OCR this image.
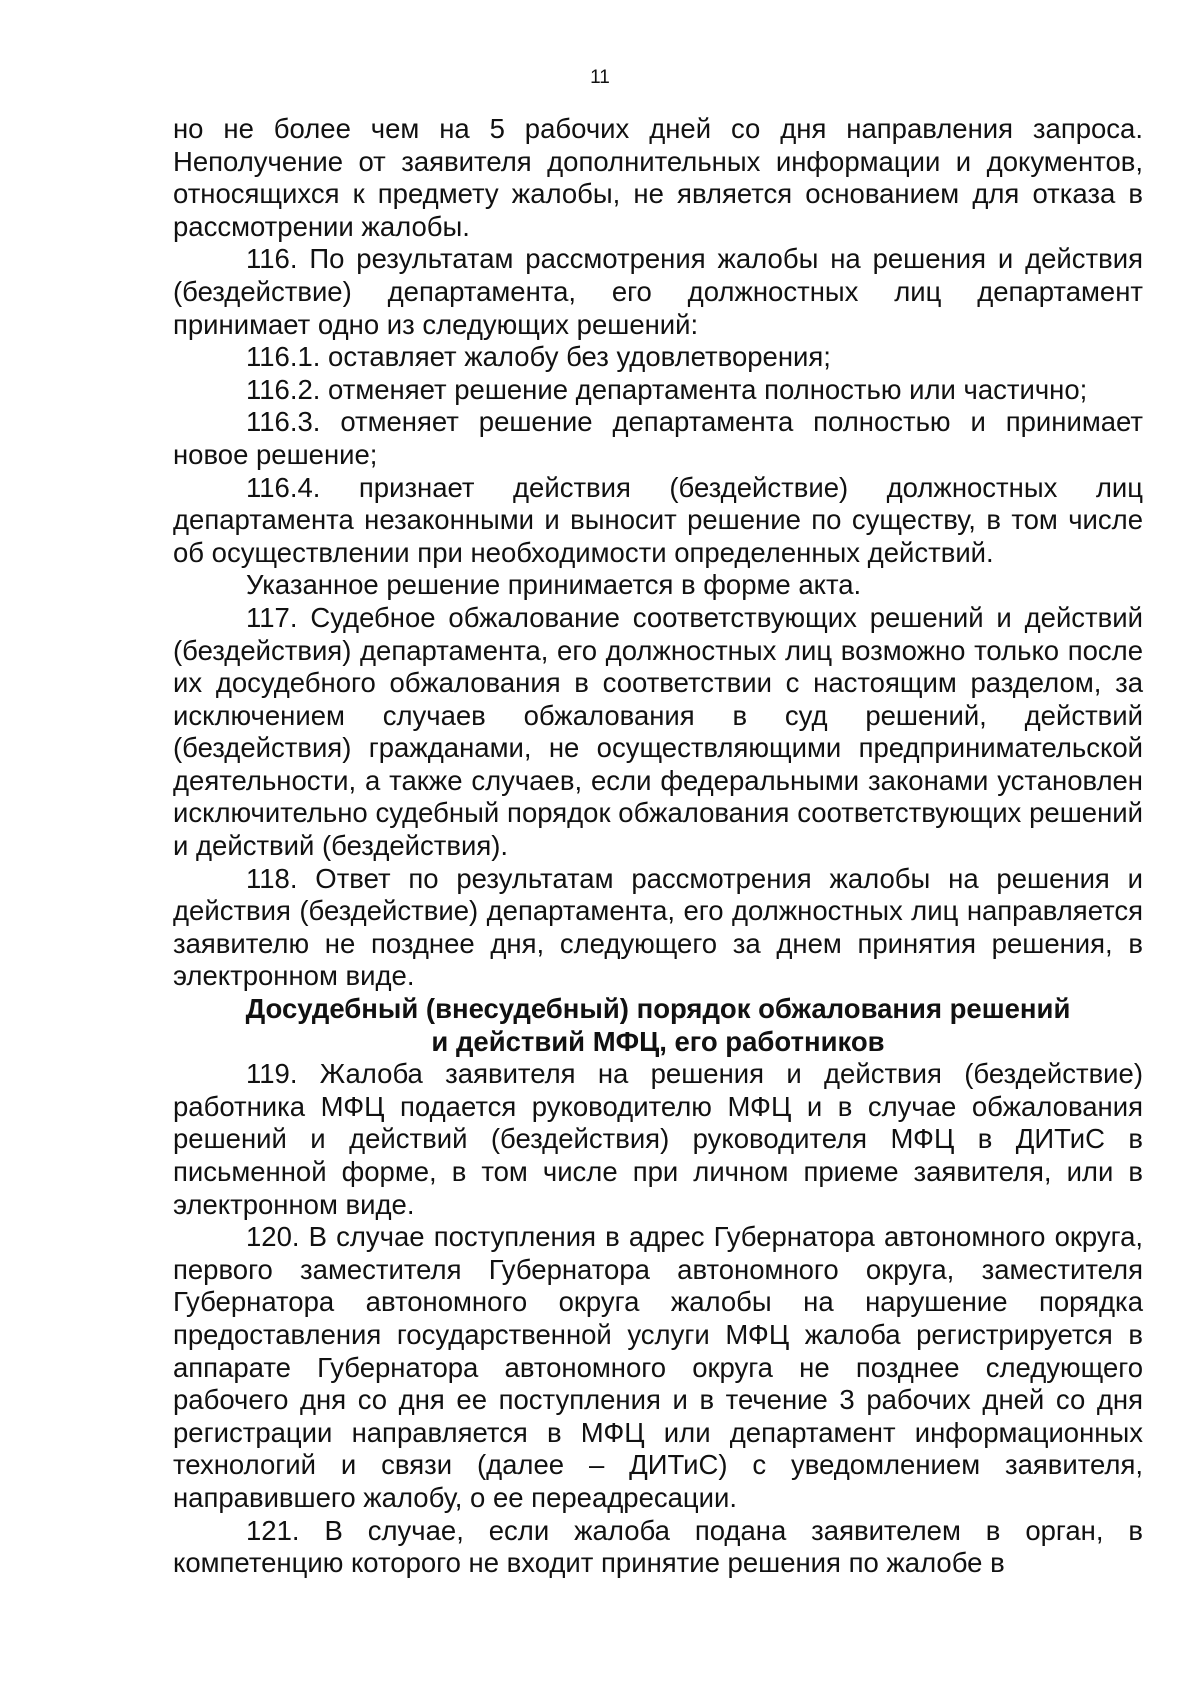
11

но не более чем на 5 рабочих дней со дня направления запроса. Неполучение от заявителя дополнительных информации и документов, относящихся к предмету жалобы, не является основанием для отказа в рассмотрении жалобы.

116. По результатам рассмотрения жалобы на решения и действия (бездействие) департамента, его должностных лиц департамент принимает одно из следующих решений:

116.1. оставляет жалобу без удовлетворения;

116.2. отменяет решение департамента полностью или частично;

116.3. отменяет решение департамента полностью и принимает новое решение;

116.4. признает действия (бездействие) должностных лиц департамента незаконными и выносит решение по существу, в том числе об осуществлении при необходимости определенных действий.

Указанное решение принимается в форме акта.

117. Судебное обжалование соответствующих решений и действий (бездействия) департамента, его должностных лиц возможно только после их досудебного обжалования в соответствии с настоящим разделом, за исключением случаев обжалования в суд решений, действий (бездействия) гражданами, не осуществляющими предпринимательской деятельности, а также случаев, если федеральными законами установлен исключительно судебный порядок обжалования соответствующих решений и действий (бездействия).

118. Ответ по результатам рассмотрения жалобы на решения и действия (бездействие) департамента, его должностных лиц направляется заявителю не позднее дня, следующего за днем принятия решения, в электронном виде.

Досудебный (внесудебный) порядок обжалования решений
и действий МФЦ, его работников

119. Жалоба заявителя на решения и действия (бездействие) работника МФЦ подается руководителю МФЦ и в случае обжалования решений и действий (бездействия) руководителя МФЦ в ДИТиС в письменной форме, в том числе при личном приеме заявителя, или в электронном виде.

120. В случае поступления в адрес Губернатора автономного округа, первого заместителя Губернатора автономного округа, заместителя Губернатора автономного округа жалобы на нарушение порядка предоставления государственной услуги МФЦ жалоба регистрируется в аппарате Губернатора автономного округа не позднее следующего рабочего дня со дня ее поступления и в течение 3 рабочих дней со дня регистрации направляется в МФЦ или департамент информационных технологий и связи (далее – ДИТиС) с уведомлением заявителя, направившего жалобу, о ее переадресации.

121. В случае, если жалоба подана заявителем в орган, в компетенцию которого не входит принятие решения по жалобе в
